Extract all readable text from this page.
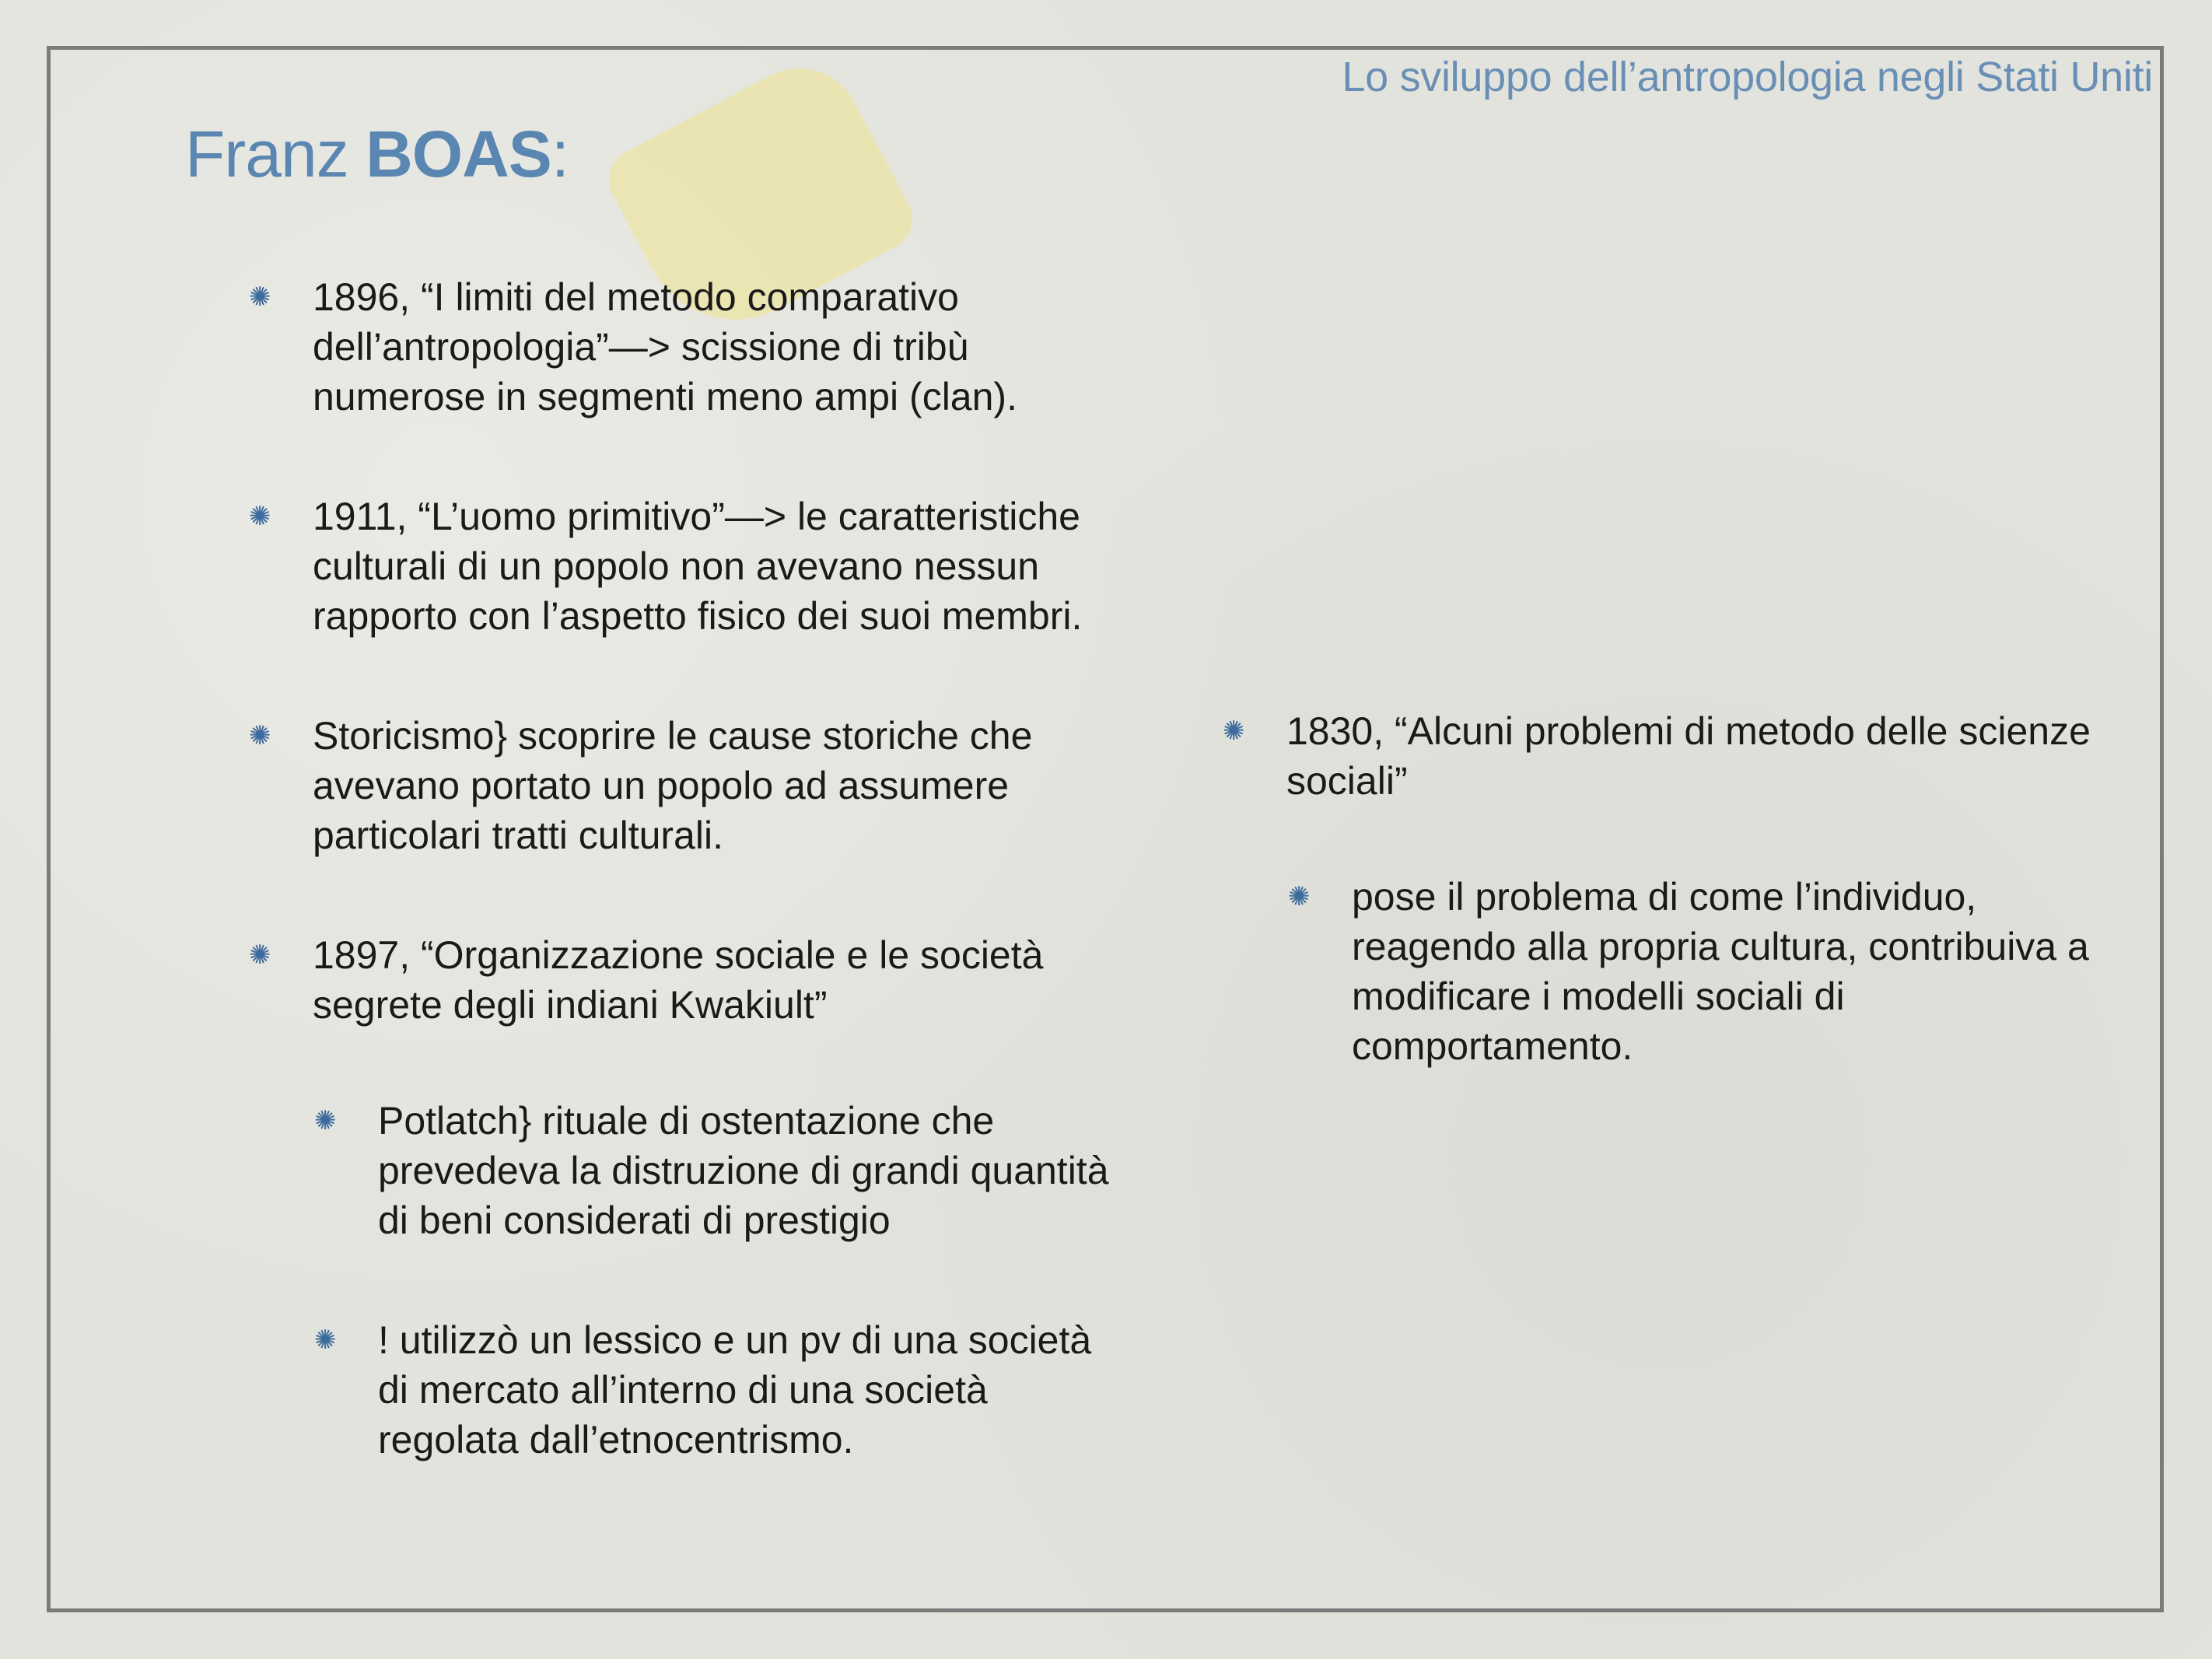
Lo sviluppo dell’antropologia negli Stati Uniti
Franz BOAS:
✺ 1896, “I limiti del metodo comparativo dell’antropologia”—> scissione di tribù numerose in segmenti meno ampi (clan).
✺ 1911, “L’uomo primitivo”—> le caratteristiche culturali di un popolo non avevano nessun rapporto con l’aspetto fisico dei suoi membri.
✺ Storicismo} scoprire le cause storiche che avevano portato un popolo ad assumere particolari tratti culturali.
✺ 1897, “Organizzazione sociale e le società segrete degli indiani Kwakiult”
✺ Potlatch} rituale di ostentazione che prevedeva la distruzione di grandi quantità di beni considerati di prestigio
✺ ! utilizzò un lessico e un pv di una società di mercato all’interno di una società regolata dall’etnocentrismo.
✺ 1830, “Alcuni problemi di metodo delle scienze sociali”
✺ pose il problema di come l’individuo, reagendo alla propria cultura, contribuiva a modificare i modelli sociali di comportamento.
